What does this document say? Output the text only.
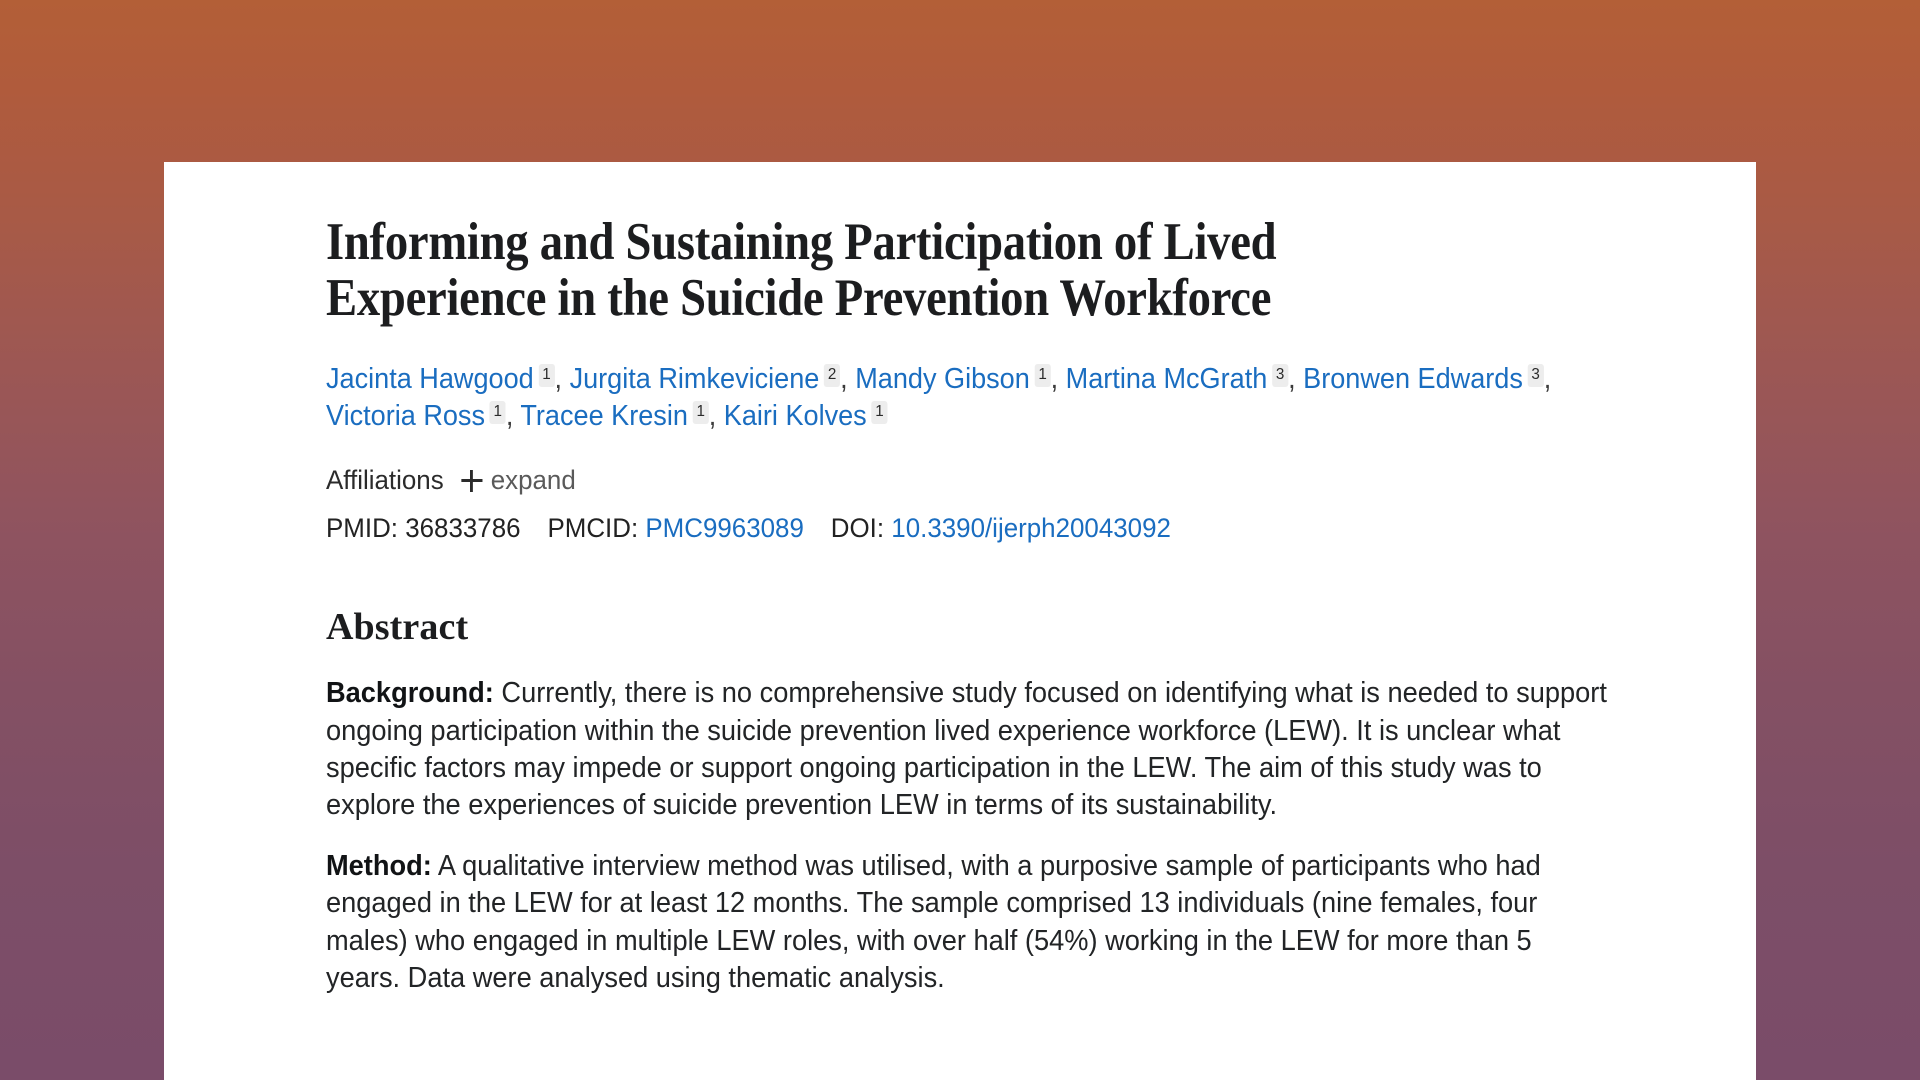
Informing and Sustaining Participation of Lived Experience in the Suicide Prevention Workforce
Jacinta Hawgood 1 , Jurgita Rimkeviciene 2 , Mandy Gibson 1 , Martina McGrath 3 , Bronwen Edwards 3 , Victoria Ross 1 , Tracee Kresin 1 , Kairi Kolves 1
Affiliations expand
PMID: 36833786 PMCID: PMC9963089 DOI: 10.3390/ijerph20043092
Abstract

Background: Currently, there is no comprehensive study focused on identifying what is needed to support ongoing participation within the suicide prevention lived experience workforce (LEW). It is unclear what specific factors may impede or support ongoing participation in the LEW. The aim of this study was to explore the experiences of suicide prevention LEW in terms of its sustainability.

Method: A qualitative interview method was utilised, with a purposive sample of participants who had engaged in the LEW for at least 12 months. The sample comprised 13 individuals (nine females, four males) who engaged in multiple LEW roles, with over half (54%) working in the LEW for more than 5 years. Data were analysed using thematic analysis.
